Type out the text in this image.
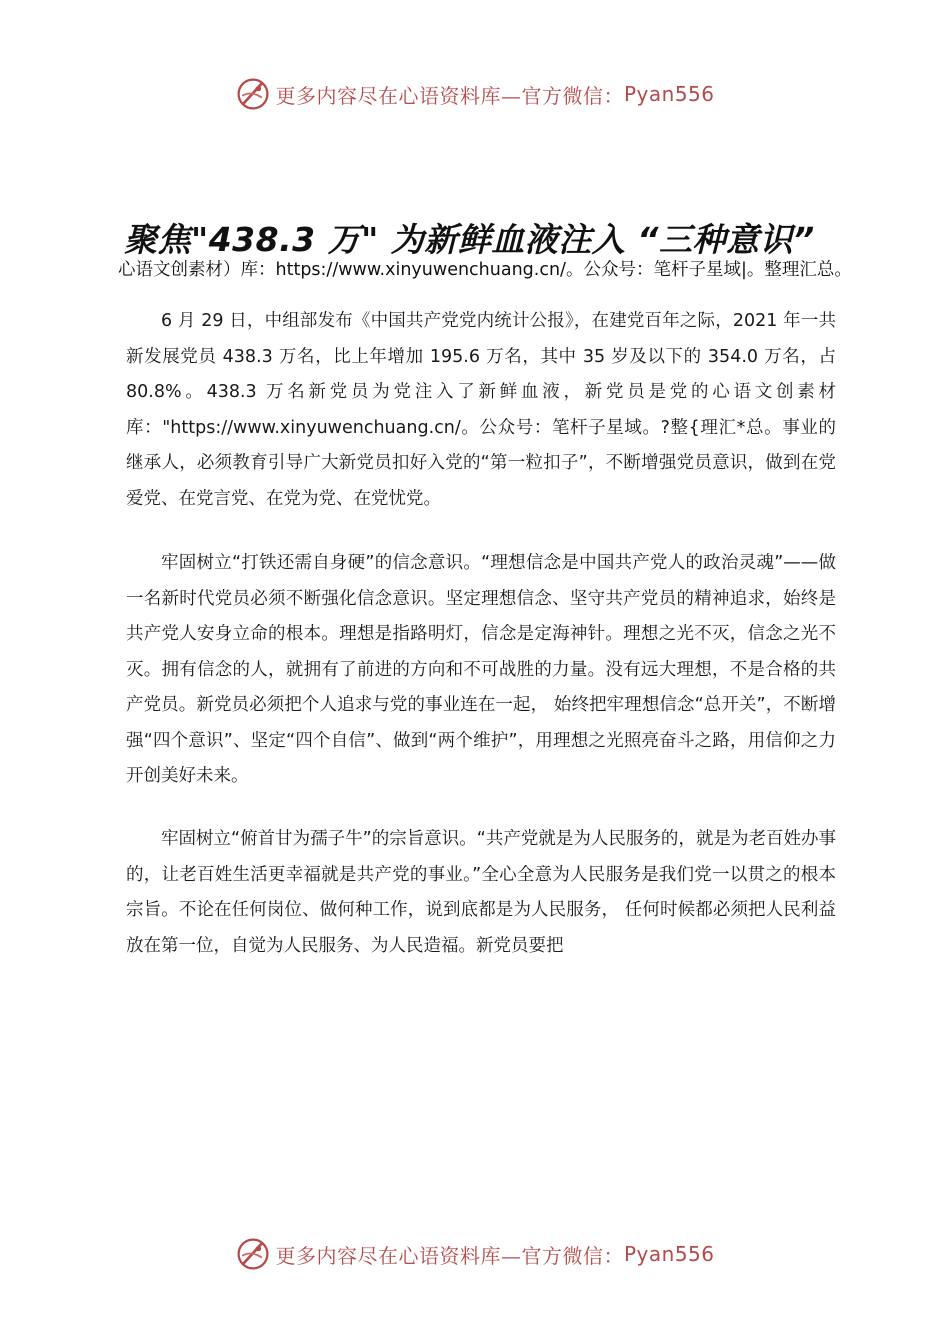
更多内容尽在心语资料库—官方微信： Pyan556
聚焦"438.3 万" 为新鲜血液注入 “三种意识”

心语文创素材）库：https://www.xinyuwenchuang.cn/。公众号：笔杆子星域|。整理汇总。

6 月 29 日，中组部发布《中国共产党党内统计公报》，在建党百年之际，2021 年一共新发展党员 438.3 万名，比上年增加 195.6 万名，其中 35 岁及以下的 354.0 万名，占 80.8%。438.3 万名新党员为党注入了新鲜血液，新党员是党的心语文创素材库："https://www.xinyuwenchuang.cn/。公众号：笔杆子星域。?整{理汇*总。事业的继承人，必须教育引导广大新党员扣好入党的“第一粒扣子”，不断增强党员意识，做到在党爱党、在党言党、在党为党、在党忧党。

牢固树立“打铁还需自身硬”的信念意识。“理想信念是中国共产党人的政治灵魂”——做一名新时代党员必须不断强化信念意识。坚定理想信念、坚守共产党员的精神追求，始终是共产党人安身立命的根本。理想是指路明灯，信念是定海神针。理想之光不灭，信念之光不灭。拥有信念的人，就拥有了前进的方向和不可战胜的力量。没有远大理想，不是合格的共产党员。新党员必须把个人追求与党的事业连在一起， 始终把牢理想信念“总开关”，不断增强“四个意识”、坚定“四个自信”、做到“两个维护”，用理想之光照亮奋斗之路，用信仰之力开创美好未来。

牢固树立“俯首甘为孺子牛”的宗旨意识。“共产党就是为人民服务的，就是为老百姓办事的，让老百姓生活更幸福就是共产党的事业。”全心全意为人民服务是我们党一以贯之的根本宗旨。不论在任何岗位、做何种工作，说到底都是为人民服务， 任何时候都必须把人民利益放在第一位，自觉为人民服务、为人民造福。新党员要把

更多内容尽在心语资料库—官方微信： Pyan556
